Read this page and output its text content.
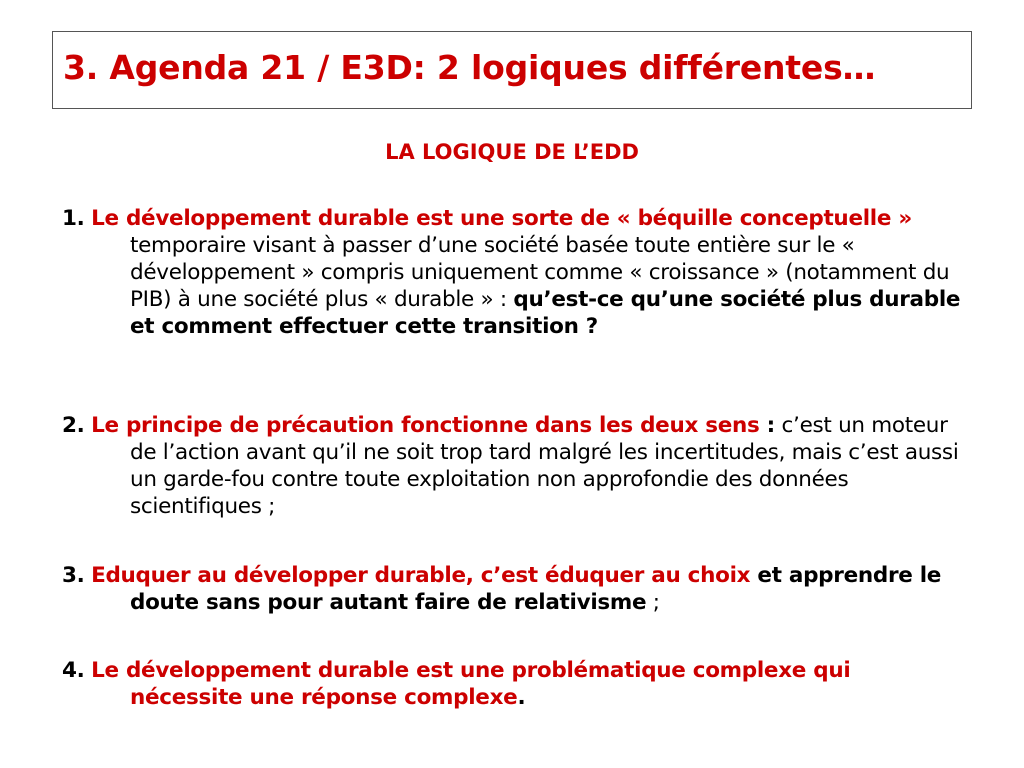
3. Agenda 21 / E3D: 2 logiques différentes…
LA LOGIQUE DE L’EDD
1. Le développement durable est une sorte de « béquille conceptuelle » temporaire visant à passer d’une société basée toute entière sur le « développement » compris uniquement comme « croissance » (notamment du PIB) à une société plus « durable » : qu’est-ce qu’une société plus durable et comment effectuer cette transition ?
2. Le principe de précaution fonctionne dans les deux sens : c’est un moteur de l’action avant qu’il ne soit trop tard malgré les incertitudes, mais c’est aussi un garde-fou contre toute exploitation non approfondie des données scientifiques ;
3. Eduquer au développer durable, c’est éduquer au choix et apprendre le doute sans pour autant faire de relativisme ;
4. Le développement durable est une problématique complexe qui nécessite une réponse complexe.
